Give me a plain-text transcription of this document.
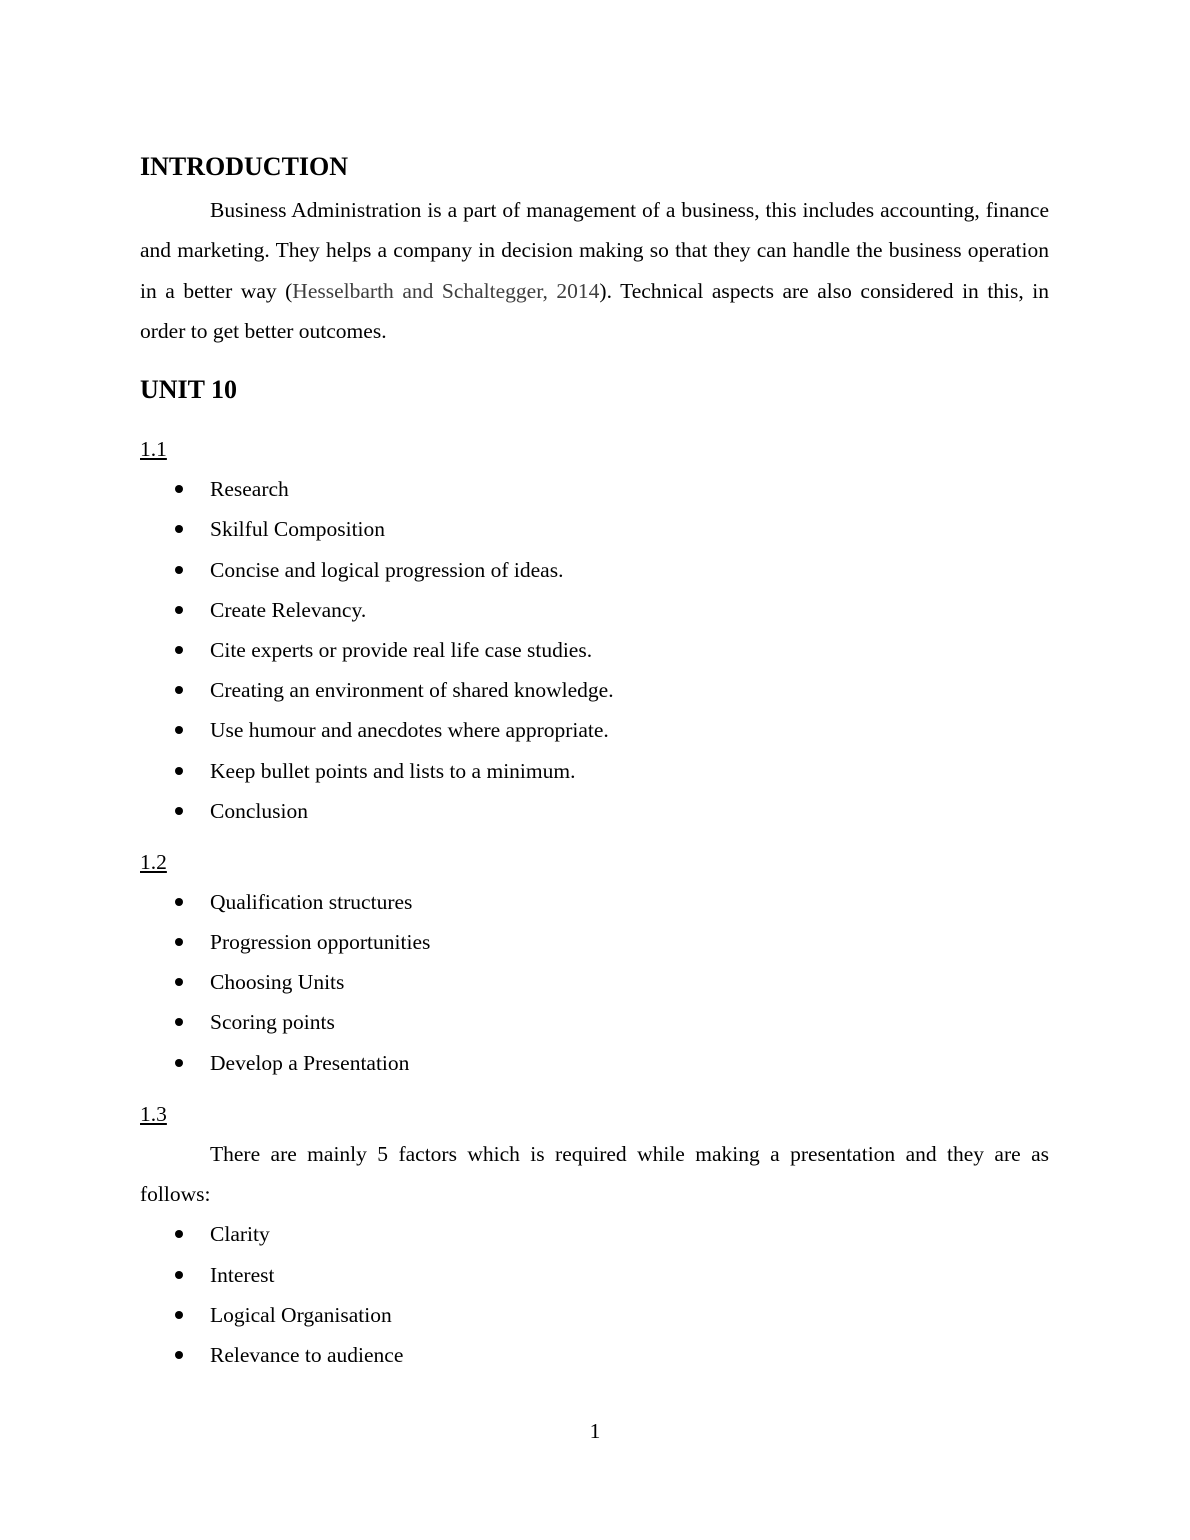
INTRODUCTION

Business Administration is a part of management of a business, this includes accounting, finance and marketing. They helps a company in decision making so that they can handle the business operation in a better way (Hesselbarth and Schaltegger, 2014). Technical aspects are also considered in this, in order to get better outcomes.

UNIT 10

1.1

Research
Skilful Composition
Concise and logical progression of ideas.
Create Relevancy.
Cite experts or provide real life case studies.
Creating an environment of shared knowledge.
Use humour and anecdotes where appropriate.
Keep bullet points and lists to a minimum.
Conclusion

1.2

Qualification structures
Progression opportunities
Choosing Units
Scoring points
Develop a Presentation

1.3

There are mainly 5 factors which is required while making a presentation and they are as follows:

Clarity
Interest
Logical Organisation
Relevance to audience
1
